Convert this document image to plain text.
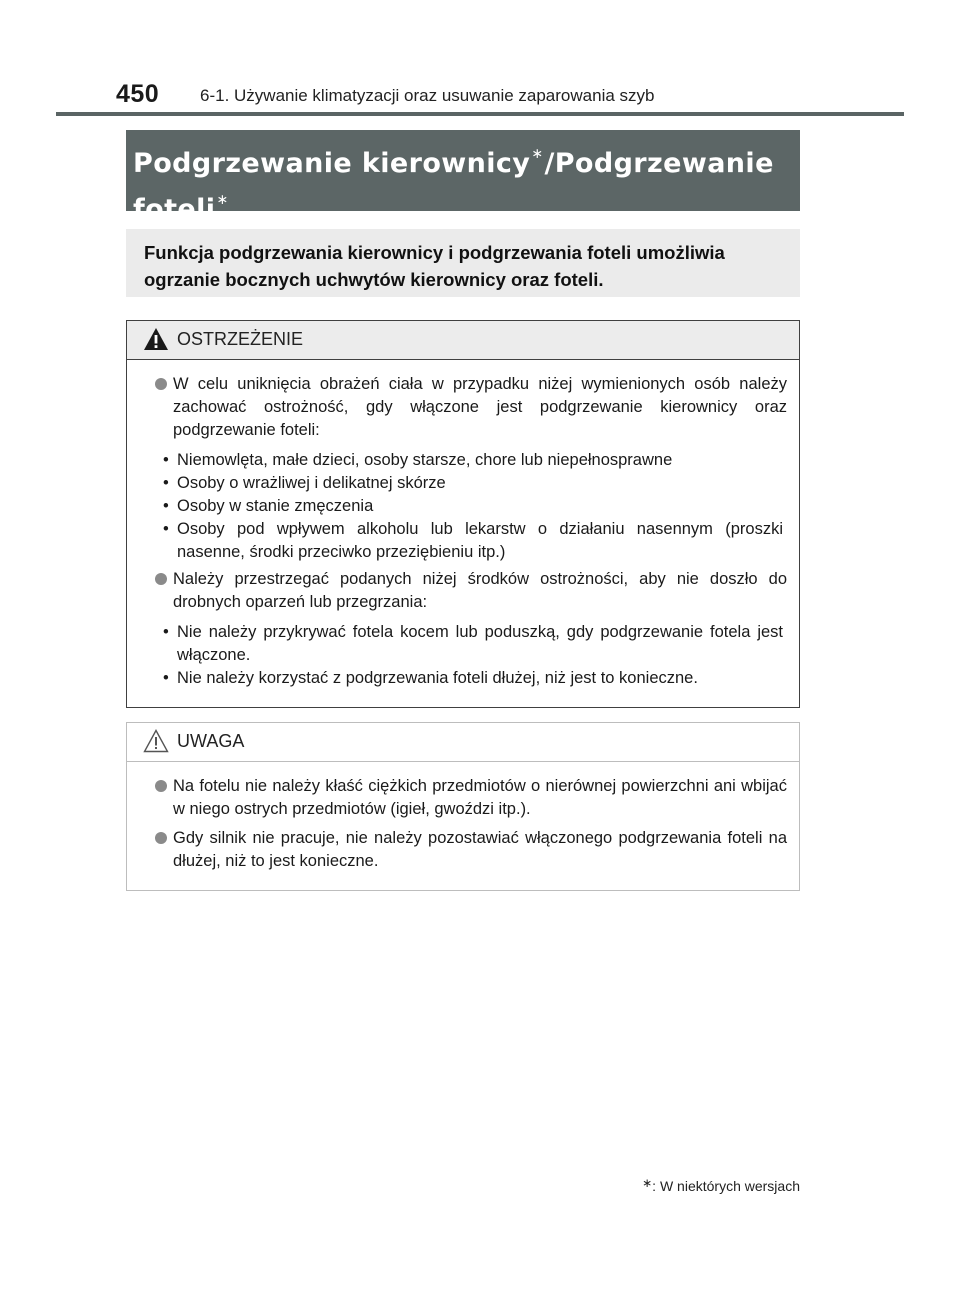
450 6-1. Używanie klimatyzacji oraz usuwanie zaparowania szyb
Podgrzewanie kierownicy∗/Podgrzewanie
foteli∗
Funkcja podgrzewania kierownicy i podgrzewania foteli umożliwia ogrzanie bocznych uchwytów kierownicy oraz foteli.
OSTRZEŻENIE
W celu uniknięcia obrażeń ciała w przypadku niżej wymienionych osób należy zachować ostrożność, gdy włączone jest podgrzewanie kierownicy oraz podgrzewanie foteli:
• Niemowlęta, małe dzieci, osoby starsze, chore lub niepełnosprawne
• Osoby o wrażliwej i delikatnej skórze
• Osoby w stanie zmęczenia
• Osoby pod wpływem alkoholu lub lekarstw o działaniu nasennym (proszki nasenne, środki przeciwko przeziębieniu itp.)
Należy przestrzegać podanych niżej środków ostrożności, aby nie doszło do drobnych oparzeń lub przegrzania:
• Nie należy przykrywać fotela kocem lub poduszką, gdy podgrzewanie fotela jest włączone.
• Nie należy korzystać z podgrzewania foteli dłużej, niż jest to konieczne.
UWAGA
Na fotelu nie należy kłaść ciężkich przedmiotów o nierównej powierzchni ani wbijać w niego ostrych przedmiotów (igieł, gwoździ itp.).
Gdy silnik nie pracuje, nie należy pozostawiać włączonego podgrzewania foteli na dłużej, niż to jest konieczne.
∗: W niektórych wersjach
